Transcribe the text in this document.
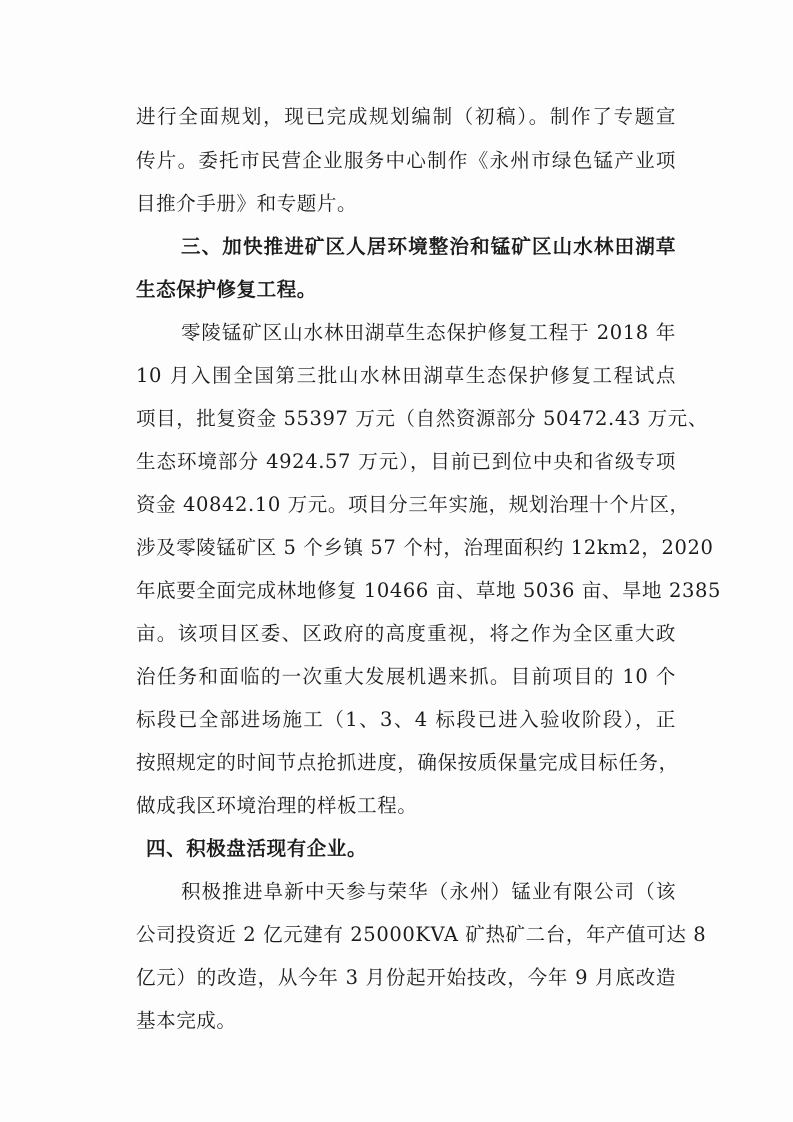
进行全面规划，现已完成规划编制（初稿）。制作了专题宣
传片。委托市民营企业服务中心制作《永州市绿色锰产业项
目推介手册》和专题片。
三、加快推进矿区人居环境整治和锰矿区山水林田湖草
生态保护修复工程。
零陵锰矿区山水林田湖草生态保护修复工程于 2018 年
10 月入围全国第三批山水林田湖草生态保护修复工程试点
项目，批复资金 55397 万元（自然资源部分 50472.43 万元、
生态环境部分 4924.57 万元），目前已到位中央和省级专项
资金 40842.10 万元。项目分三年实施，规划治理十个片区，
涉及零陵锰矿区 5 个乡镇 57 个村，治理面积约 12km2，2020
年底要全面完成林地修复 10466 亩、草地 5036 亩、旱地 2385
亩。该项目区委、区政府的高度重视，将之作为全区重大政
治任务和面临的一次重大发展机遇来抓。目前项目的 10 个
标段已全部进场施工（1、3、4 标段已进入验收阶段），正
按照规定的时间节点抢抓进度，确保按质保量完成目标任务，
做成我区环境治理的样板工程。
四、积极盘活现有企业。
积极推进阜新中天参与荣华（永州）锰业有限公司（该
公司投资近 2 亿元建有 25000KVA 矿热矿二台，年产值可达 8
亿元）的改造，从今年 3 月份起开始技改，今年 9 月底改造
基本完成。
